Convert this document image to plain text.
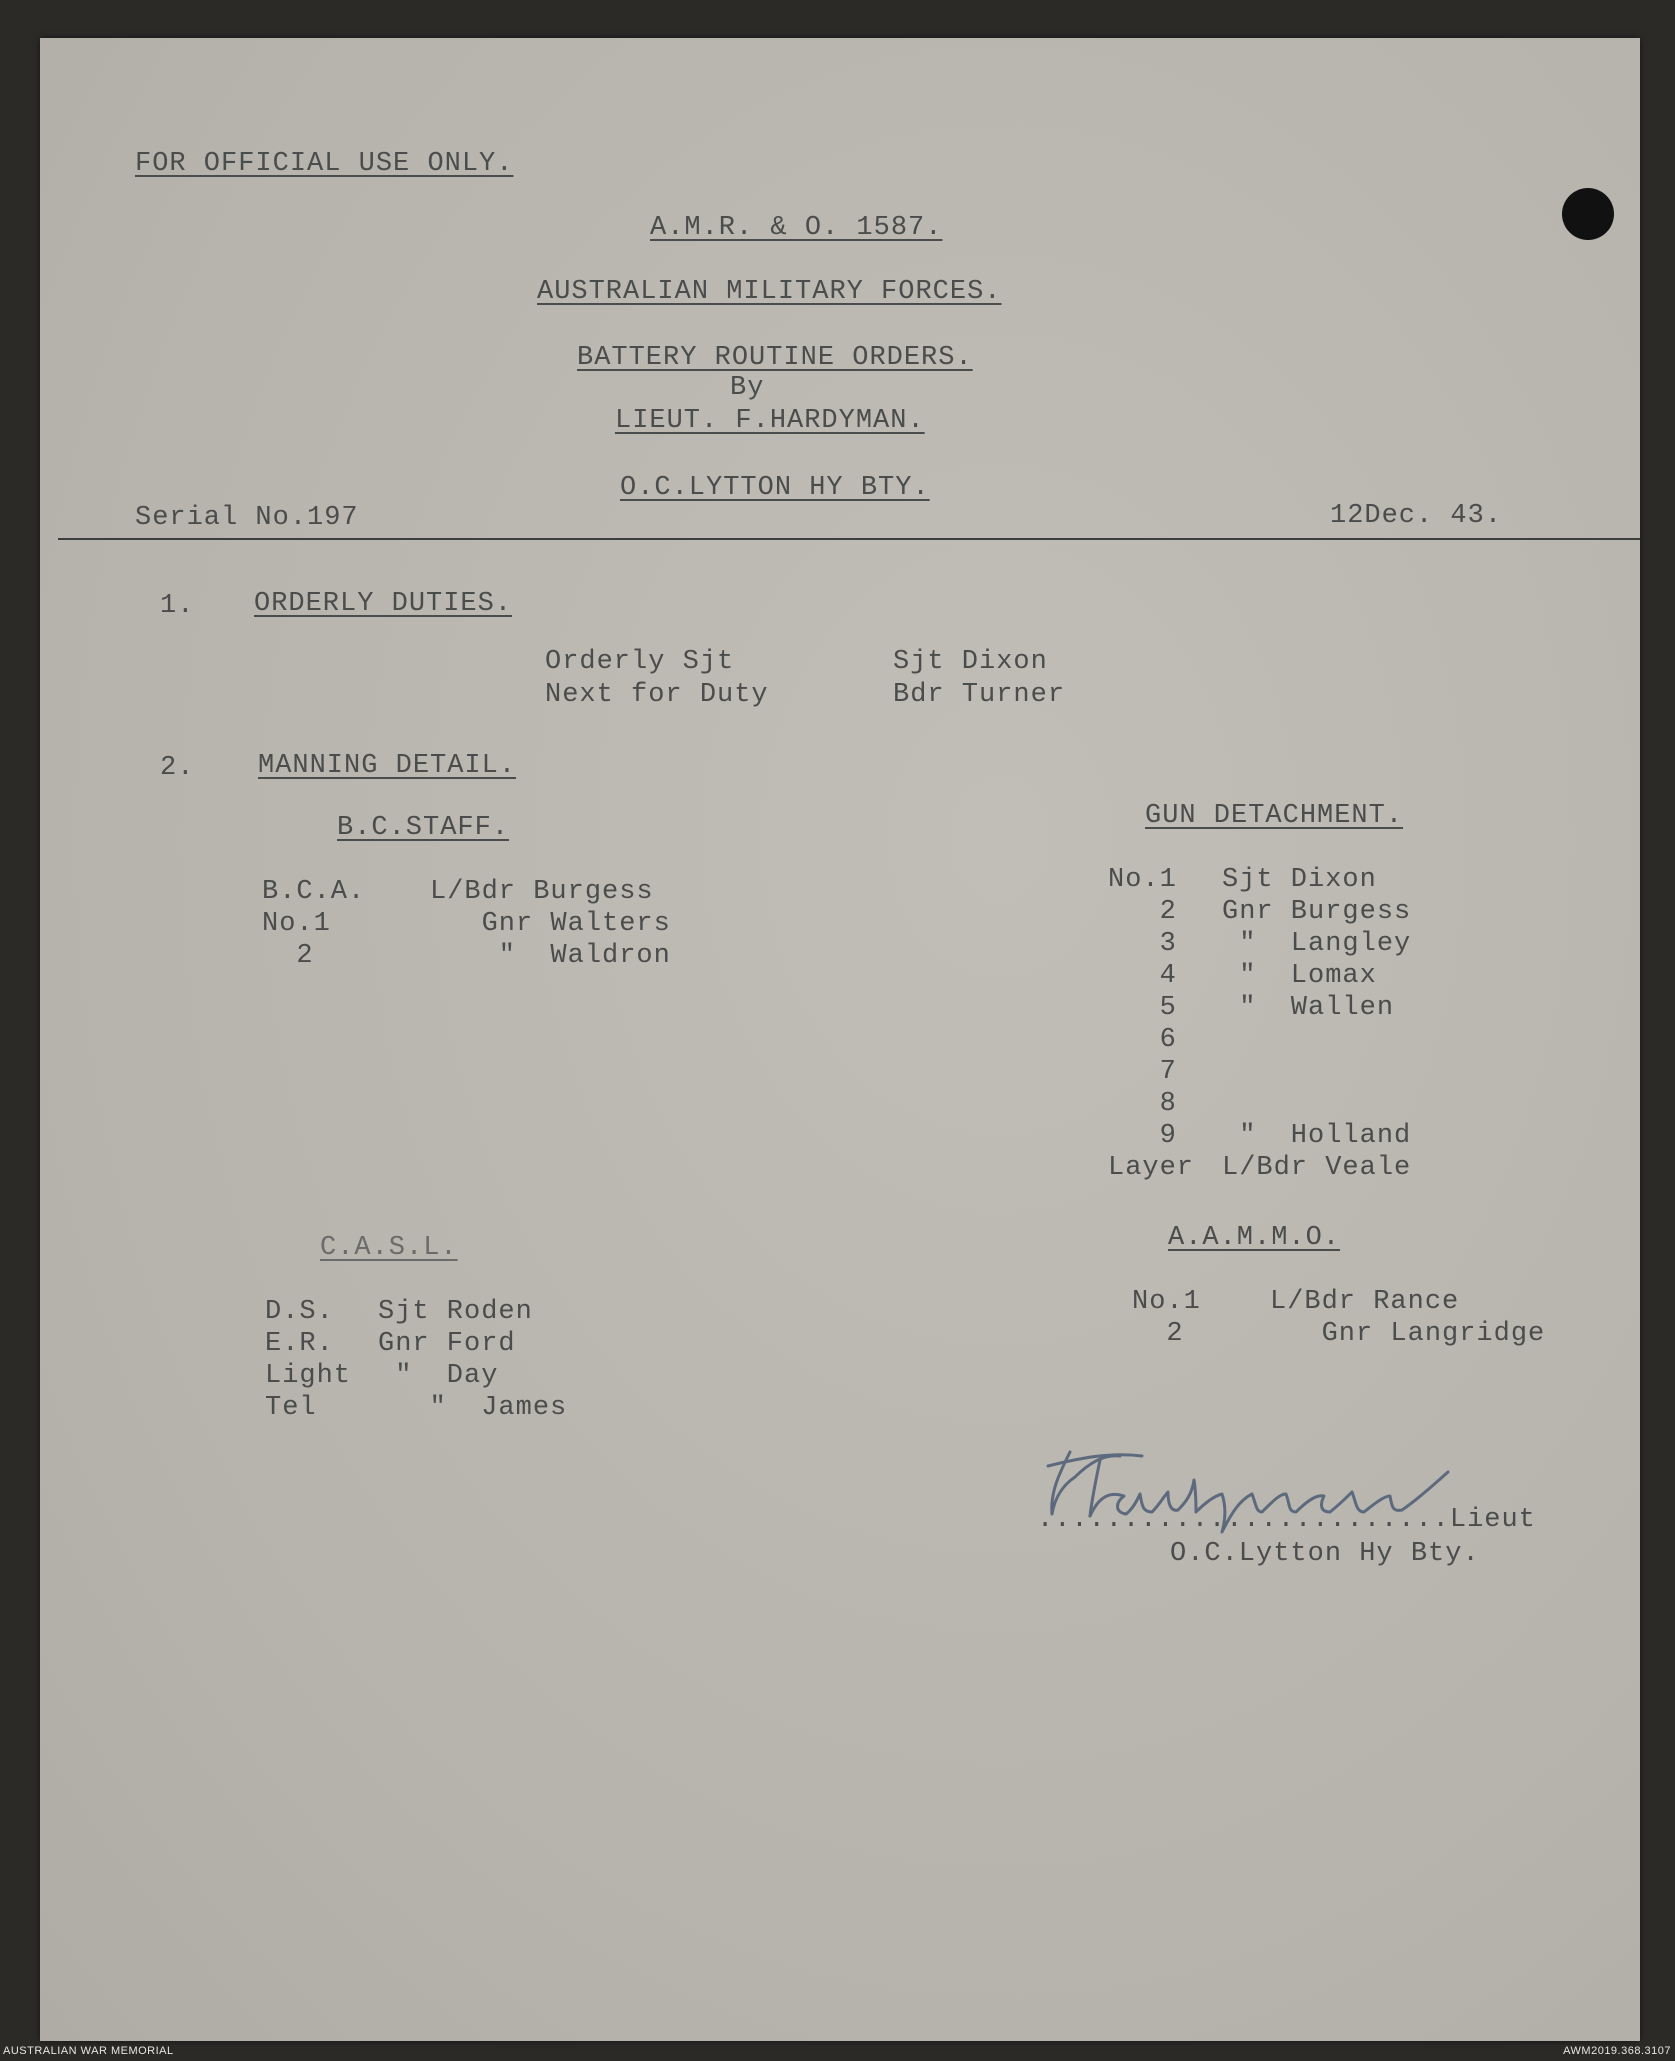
FOR OFFICIAL USE ONLY.
A.M.R. & O. 1587.
AUSTRALIAN MILITARY FORCES.
BATTERY ROUTINE ORDERS.
By
LIEUT. F.HARDYMAN.
O.C.LYTTON HY BTY.
Serial No.197	12Dec. 43.
1. ORDERLY DUTIES.
Orderly Sjt	Sjt Dixon
Next for Duty	Bdr Turner
2. MANNING DETAIL.
B.C.STAFF.
B.C.A. L/Bdr Burgess
No.1	Gnr Walters
2	"  Waldron
GUN DETACHMENT.
No.1 Sjt Dixon
2 Gnr Burgess
3 "  Langley
4 "  Lomax
5 "  Wallen
6
7
8
9 "  Holland
Layer L/Bdr Veale
C.A.S.L.
D.S. Sjt Roden
E.R. Gnr Ford
Light "  Day
Tel "  James
A.A.M.M.O.
No.1	L/Bdr Rance
2	Gnr Langridge
........................Lieut
O.C.Lytton Hy Bty.
AUSTRALIAN WAR MEMORIAL	AWM2019.368.3107
